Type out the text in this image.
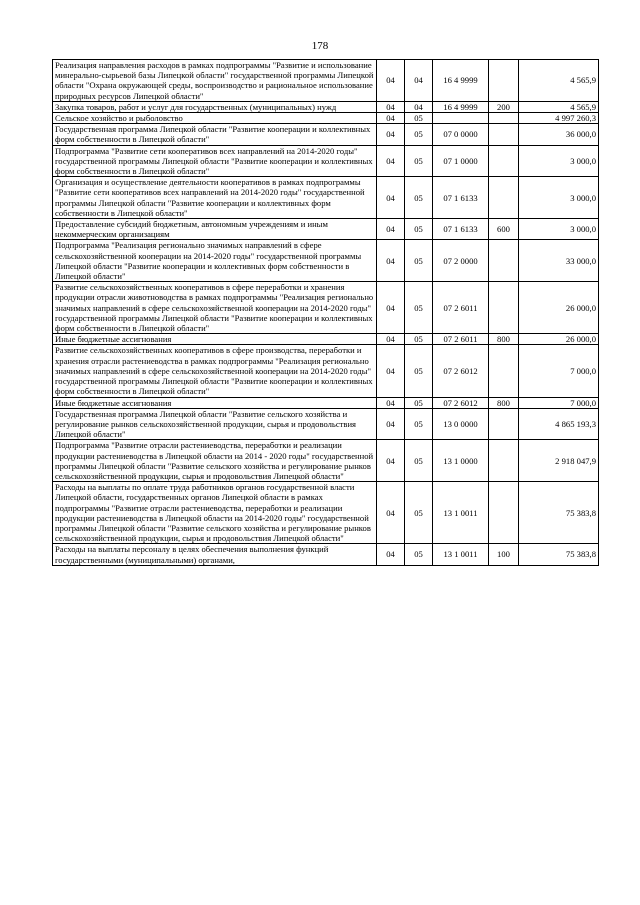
178
Реализация направления расходов в рамках подпрограммы "Развитие и использование минерально-сырьевой базы Липецкой области" государственной программы Липецкой области "Охрана окружающей среды, воспроизводство и рациональное использование природных ресурсов Липецкой области"	04	04	16 4 9999		4 565,9
Закупка товаров, работ и услуг для государственных (муниципальных) нужд	04	04	16 4 9999	200	4 565,9
Сельское хозяйство и рыболовство	04	05			4 997 260,3
Государственная программа Липецкой области "Развитие кооперации и коллективных форм собственности в Липецкой области"	04	05	07 0 0000		36 000,0
Подпрограмма "Развитие сети кооперативов всех направлений на 2014-2020 годы" государственной программы Липецкой области "Развитие кооперации и коллективных форм собственности в Липецкой области"	04	05	07 1 0000		3 000,0
Организация и осуществление деятельности кооперативов в рамках подпрограммы "Развитие сети кооперативов всех направлений на 2014-2020 годы" государственной программы Липецкой области "Развитие кооперации и коллективных форм собственности в Липецкой области"	04	05	07 1 6133		3 000,0
Предоставление субсидий бюджетным, автономным учреждениям и иным некоммерческим организациям	04	05	07 1 6133	600	3 000,0
Подпрограмма "Реализация регионально значимых направлений в сфере сельскохозяйственной кооперации на 2014-2020 годы" государственной программы Липецкой области "Развитие кооперации и коллективных форм собственности в Липецкой области"	04	05	07 2 0000		33 000,0
Развитие сельскохозяйственных кооперативов в сфере переработки и хранения продукции отрасли животноводства в рамках подпрограммы "Реализация регионально значимых направлений в сфере сельскохозяйственной кооперации на 2014-2020 годы" государственной программы Липецкой области "Развитие кооперации и коллективных форм собственности в Липецкой области"	04	05	07 2 6011		26 000,0
Иные бюджетные ассигнования	04	05	07 2 6011	800	26 000,0
Развитие сельскохозяйственных кооперативов в сфере производства, переработки и хранения отрасли растениеводства в рамках подпрограммы "Реализация регионально значимых направлений в сфере сельскохозяйственной кооперации на 2014-2020 годы" государственной программы Липецкой области "Развитие кооперации и коллективных форм собственности в Липецкой области"	04	05	07 2 6012		7 000,0
Иные бюджетные ассигнования	04	05	07 2 6012	800	7 000,0
Государственная программа Липецкой области "Развитие сельского хозяйства и регулирование рынков сельскохозяйственной продукции, сырья и продовольствия Липецкой области"	04	05	13 0 0000		4 865 193,3
Подпрограмма "Развитие отрасли растениеводства, переработки и реализации продукции растениеводства в Липецкой области на 2014 - 2020 годы" государственной программы Липецкой области "Развитие сельского хозяйства и регулирование рынков сельскохозяйственной продукции, сырья и продовольствия Липецкой области"	04	05	13 1 0000		2 918 047,9
Расходы на выплаты по оплате труда работников органов государственной власти Липецкой области, государственных органов Липецкой области в рамках подпрограммы "Развитие отрасли растениеводства, переработки и реализации продукции растениеводства в Липецкой области на 2014-2020 годы" государственной программы Липецкой области "Развитие сельского хозяйства и регулирование рынков сельскохозяйственной продукции, сырья и продовольствия Липецкой области"	04	05	13 1 0011		75 383,8
Расходы на выплаты персоналу в целях обеспечения выполнения функций государственными (муниципальными) органами,	04	05	13 1 0011	100	75 383,8
